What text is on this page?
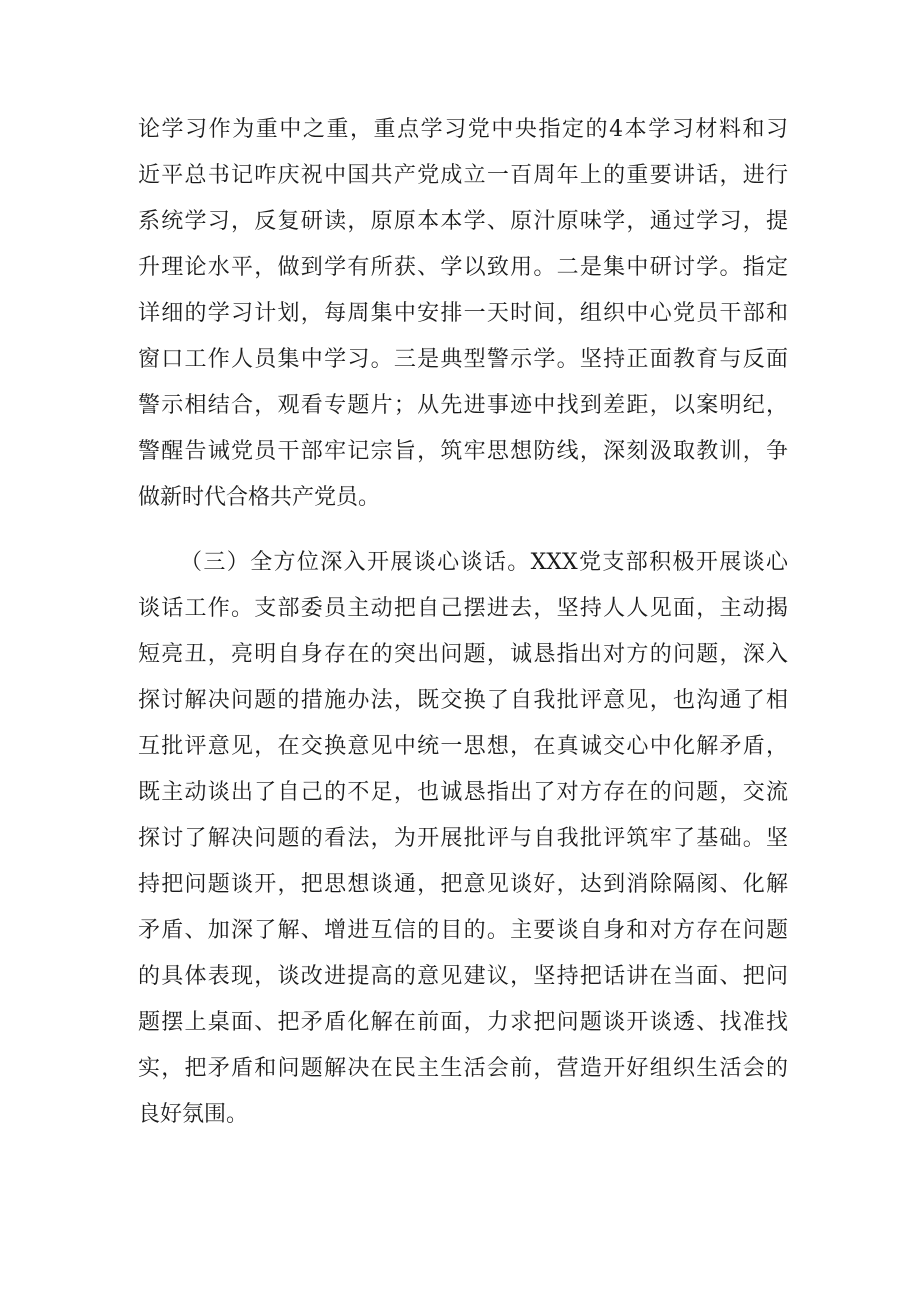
论学习作为重中之重，重点学习党中央指定的4本学习材料和习
近平总书记咋庆祝中国共产党成立一百周年上的重要讲话，进行
系统学习，反复研读，原原本本学、原汁原味学，通过学习，提
升理论水平，做到学有所获、学以致用。二是集中研讨学。指定
详细的学习计划，每周集中安排一天时间，组织中心党员干部和
窗口工作人员集中学习。三是典型警示学。坚持正面教育与反面
警示相结合，观看专题片；从先进事迹中找到差距，以案明纪，
警醒告诫党员干部牢记宗旨，筑牢思想防线，深刻汲取教训，争
做新时代合格共产党员。
（三）全方位深入开展谈心谈话。XXX党支部积极开展谈心
谈话工作。支部委员主动把自己摆进去，坚持人人见面，主动揭
短亮丑，亮明自身存在的突出问题，诚恳指出对方的问题，深入
探讨解决问题的措施办法，既交换了自我批评意见，也沟通了相
互批评意见，在交换意见中统一思想，在真诚交心中化解矛盾，
既主动谈出了自己的不足，也诚恳指出了对方存在的问题，交流
探讨了解决问题的看法，为开展批评与自我批评筑牢了基础。坚
持把问题谈开，把思想谈通，把意见谈好，达到消除隔阂、化解
矛盾、加深了解、增进互信的目的。主要谈自身和对方存在问题
的具体表现，谈改进提高的意见建议，坚持把话讲在当面、把问
题摆上桌面、把矛盾化解在前面，力求把问题谈开谈透、找准找
实，把矛盾和问题解决在民主生活会前，营造开好组织生活会的
良好氛围。
